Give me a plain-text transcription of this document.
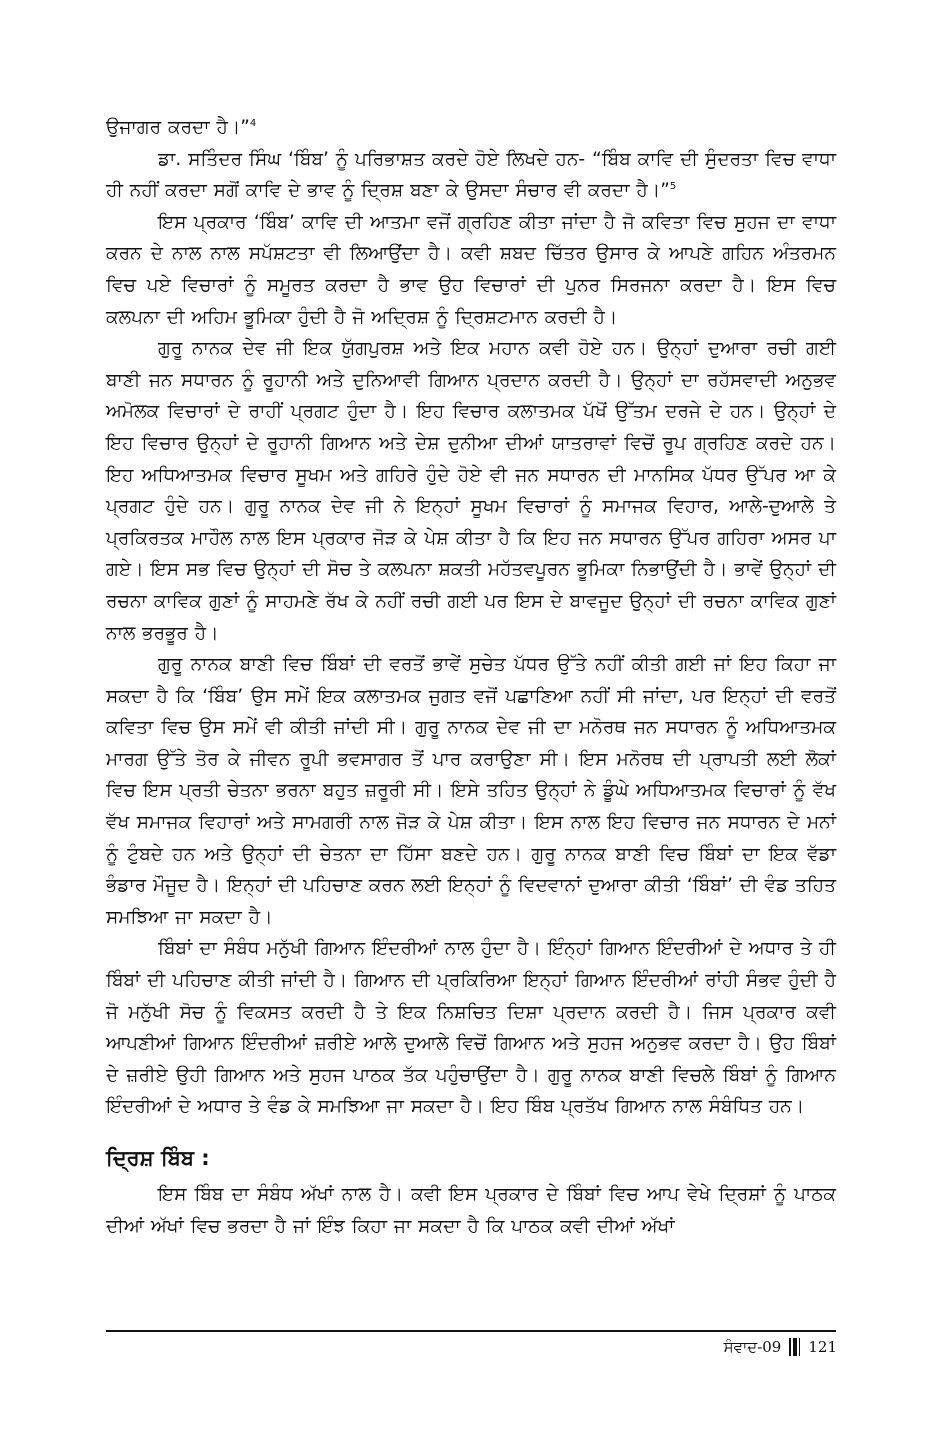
ਉਜਾਗਰ ਕਰਦਾ ਹੈ।”$^4$

ਡਾ. ਸਤਿੰਦਰ ਸਿੰਘ ‘ਬਿੰਬ’ ਨੂੰ ਪਰਿਭਾਸ਼ਤ ਕਰਦੇ ਹੋਏ ਲਿਖਦੇ ਹਨ- “ਬਿੰਬ ਕਾਵਿ ਦੀ ਸੁੰਦਰਤਾ ਵਿਚ ਵਾਧਾ ਹੀ ਨਹੀਂ ਕਰਦਾ ਸਗੋਂ ਕਾਵਿ ਦੇ ਭਾਵ ਨੂੰ ਦ੍ਰਿਸ਼ ਬਣਾ ਕੇ ਉਸਦਾ ਸੰਚਾਰ ਵੀ ਕਰਦਾ ਹੈ।”$^5$

ਇਸ ਪ੍ਰਕਾਰ ‘ਬਿੰਬ’ ਕਾਵਿ ਦੀ ਆਤਮਾ ਵਜੋਂ ਗ੍ਰਹਿਣ ਕੀਤਾ ਜਾਂਦਾ ਹੈ ਜੋ ਕਵਿਤਾ ਵਿਚ ਸੁਹਜ ਦਾ ਵਾਧਾ ਕਰਨ ਦੇ ਨਾਲ ਨਾਲ ਸਪੱਸ਼ਟਤਾ ਵੀ ਲਿਆਉਂਦਾ ਹੈ। ਕਵੀ ਸ਼ਬਦ ਚਿੱਤਰ ਉਸਾਰ ਕੇ ਆਪਣੇ ਗਹਿਨ ਅੰਤਰਮਨ ਵਿਚ ਪਏ ਵਿਚਾਰਾਂ ਨੂੰ ਸਮੂਰਤ ਕਰਦਾ ਹੈ ਭਾਵ ਉਹ ਵਿਚਾਰਾਂ ਦੀ ਪੁਨਰ ਸਿਰਜਨਾ ਕਰਦਾ ਹੈ। ਇਸ ਵਿਚ ਕਲਪਨਾ ਦੀ ਅਹਿਮ ਭੂਮਿਕਾ ਹੁੰਦੀ ਹੈ ਜੋ ਅਦ੍ਰਿਸ਼ ਨੂੰ ਦ੍ਰਿਸ਼ਟਮਾਨ ਕਰਦੀ ਹੈ।

ਗੁਰੂ ਨਾਨਕ ਦੇਵ ਜੀ ਇਕ ਯੁੱਗਪੁਰਸ਼ ਅਤੇ ਇਕ ਮਹਾਨ ਕਵੀ ਹੋਏ ਹਨ। ਉਨ੍ਹਾਂ ਦੁਆਰਾ ਰਚੀ ਗਈ ਬਾਣੀ ਜਨ ਸਧਾਰਨ ਨੂੰ ਰੂਹਾਨੀ ਅਤੇ ਦੁਨਿਆਵੀ ਗਿਆਨ ਪ੍ਰਦਾਨ ਕਰਦੀ ਹੈ। ਉਨ੍ਹਾਂ ਦਾ ਰਹੱਸਵਾਦੀ ਅਨੁਭਵ ਅਮੋਲਕ ਵਿਚਾਰਾਂ ਦੇ ਰਾਹੀਂ ਪ੍ਰਗਟ ਹੁੰਦਾ ਹੈ। ਇਹ ਵਿਚਾਰ ਕਲਾਤਮਕ ਪੱਖੋਂ ਉੱਤਮ ਦਰਜੇ ਦੇ ਹਨ। ਉਨ੍ਹਾਂ ਦੇ ਇਹ ਵਿਚਾਰ ਉਨ੍ਹਾਂ ਦੇ ਰੂਹਾਨੀ ਗਿਆਨ ਅਤੇ ਦੇਸ਼ ਦੁਨੀਆ ਦੀਆਂ ਯਾਤਰਾਵਾਂ ਵਿਚੋਂ ਰੂਪ ਗ੍ਰਹਿਣ ਕਰਦੇ ਹਨ। ਇਹ ਅਧਿਆਤਮਕ ਵਿਚਾਰ ਸੂਖਮ ਅਤੇ ਗਹਿਰੇ ਹੁੰਦੇ ਹੋਏ ਵੀ ਜਨ ਸਧਾਰਨ ਦੀ ਮਾਨਸਿਕ ਪੱਧਰ ਉੱਪਰ ਆ ਕੇ ਪ੍ਰਗਟ ਹੁੰਦੇ ਹਨ। ਗੁਰੂ ਨਾਨਕ ਦੇਵ ਜੀ ਨੇ ਇਨ੍ਹਾਂ ਸੂਖਮ ਵਿਚਾਰਾਂ ਨੂੰ ਸਮਾਜਕ ਵਿਹਾਰ, ਆਲੇ-ਦੁਆਲੇ ਤੇ ਪ੍ਰਕਿਰਤਕ ਮਾਹੌਲ ਨਾਲ ਇਸ ਪ੍ਰਕਾਰ ਜੋੜ ਕੇ ਪੇਸ਼ ਕੀਤਾ ਹੈ ਕਿ ਇਹ ਜਨ ਸਧਾਰਨ ਉੱਪਰ ਗਹਿਰਾ ਅਸਰ ਪਾ ਗਏ। ਇਸ ਸਭ ਵਿਚ ਉਨ੍ਹਾਂ ਦੀ ਸੋਚ ਤੇ ਕਲਪਨਾ ਸ਼ਕਤੀ ਮਹੱਤਵਪੂਰਨ ਭੂਮਿਕਾ ਨਿਭਾਉਂਦੀ ਹੈ। ਭਾਵੇਂ ਉਨ੍ਹਾਂ ਦੀ ਰਚਨਾ ਕਾਵਿਕ ਗੁਣਾਂ ਨੂੰ ਸਾਹਮਣੇ ਰੱਖ ਕੇ ਨਹੀਂ ਰਚੀ ਗਈ ਪਰ ਇਸ ਦੇ ਬਾਵਜੂਦ ਉਨ੍ਹਾਂ ਦੀ ਰਚਨਾ ਕਾਵਿਕ ਗੁਣਾਂ ਨਾਲ ਭਰਭੂਰ ਹੈ।

ਗੁਰੂ ਨਾਨਕ ਬਾਣੀ ਵਿਚ ਬਿੰਬਾਂ ਦੀ ਵਰਤੋਂ ਭਾਵੇਂ ਸੁਚੇਤ ਪੱਧਰ ਉੱਤੇ ਨਹੀਂ ਕੀਤੀ ਗਈ ਜਾਂ ਇਹ ਕਿਹਾ ਜਾ ਸਕਦਾ ਹੈ ਕਿ ‘ਬਿੰਬ’ ਉਸ ਸਮੇਂ ਇਕ ਕਲਾਤਮਕ ਜੁਗਤ ਵਜੋਂ ਪਛਾਣਿਆ ਨਹੀਂ ਸੀ ਜਾਂਦਾ, ਪਰ ਇਨ੍ਹਾਂ ਦੀ ਵਰਤੋਂ ਕਵਿਤਾ ਵਿਚ ਉਸ ਸਮੇਂ ਵੀ ਕੀਤੀ ਜਾਂਦੀ ਸੀ। ਗੁਰੂ ਨਾਨਕ ਦੇਵ ਜੀ ਦਾ ਮਨੋਰਥ ਜਨ ਸਧਾਰਨ ਨੂੰ ਅਧਿਆਤਮਕ ਮਾਰਗ ਉੱਤੇ ਤੋਰ ਕੇ ਜੀਵਨ ਰੂਪੀ ਭਵਸਾਗਰ ਤੋਂ ਪਾਰ ਕਰਾਉਣਾ ਸੀ। ਇਸ ਮਨੋਰਥ ਦੀ ਪ੍ਰਾਪਤੀ ਲਈ ਲੋਕਾਂ ਵਿਚ ਇਸ ਪ੍ਰਤੀ ਚੇਤਨਾ ਭਰਨਾ ਬਹੁਤ ਜ਼ਰੂਰੀ ਸੀ। ਇਸੇ ਤਹਿਤ ਉਨ੍ਹਾਂ ਨੇ ਡੂੰਘੇ ਅਧਿਆਤਮਕ ਵਿਚਾਰਾਂ ਨੂੰ ਵੱਖ ਵੱਖ ਸਮਾਜਕ ਵਿਹਾਰਾਂ ਅਤੇ ਸਾਮਗਰੀ ਨਾਲ ਜੋੜ ਕੇ ਪੇਸ਼ ਕੀਤਾ। ਇਸ ਨਾਲ ਇਹ ਵਿਚਾਰ ਜਨ ਸਧਾਰਨ ਦੇ ਮਨਾਂ ਨੂੰ ਟੁੰਬਦੇ ਹਨ ਅਤੇ ਉਨ੍ਹਾਂ ਦੀ ਚੇਤਨਾ ਦਾ ਹਿੱਸਾ ਬਣਦੇ ਹਨ। ਗੁਰੂ ਨਾਨਕ ਬਾਣੀ ਵਿਚ ਬਿੰਬਾਂ ਦਾ ਇਕ ਵੱਡਾ ਭੰਡਾਰ ਮੌਜੂਦ ਹੈ। ਇਨ੍ਹਾਂ ਦੀ ਪਹਿਚਾਣ ਕਰਨ ਲਈ ਇਨ੍ਹਾਂ ਨੂੰ ਵਿਦਵਾਨਾਂ ਦੁਆਰਾ ਕੀਤੀ ‘ਬਿੰਬਾਂ’ ਦੀ ਵੰਡ ਤਹਿਤ ਸਮਝਿਆ ਜਾ ਸਕਦਾ ਹੈ।

ਬਿੰਬਾਂ ਦਾ ਸੰਬੰਧ ਮਨੁੱਖੀ ਗਿਆਨ ਇੰਦਰੀਆਂ ਨਾਲ ਹੁੰਦਾ ਹੈ। ਇੰਨ੍ਹਾਂ ਗਿਆਨ ਇੰਦਰੀਆਂ ਦੇ ਅਧਾਰ ਤੇ ਹੀ ਬਿੰਬਾਂ ਦੀ ਪਹਿਚਾਣ ਕੀਤੀ ਜਾਂਦੀ ਹੈ। ਗਿਆਨ ਦੀ ਪ੍ਰਕਿਰਿਆ ਇਨ੍ਹਾਂ ਗਿਆਨ ਇੰਦਰੀਆਂ ਰਾਂਹੀ ਸੰਭਵ ਹੁੰਦੀ ਹੈ ਜੋ ਮਨੁੱਖੀ ਸੋਚ ਨੂੰ ਵਿਕਸਤ ਕਰਦੀ ਹੈ ਤੇ ਇਕ ਨਿਸ਼ਚਿਤ ਦਿਸ਼ਾ ਪ੍ਰਦਾਨ ਕਰਦੀ ਹੈ। ਜਿਸ ਪ੍ਰਕਾਰ ਕਵੀ ਆਪਣੀਆਂ ਗਿਆਨ ਇੰਦਰੀਆਂ ਜ਼ਰੀਏ ਆਲੇ ਦੁਆਲੇ ਵਿਚੋਂ ਗਿਆਨ ਅਤੇ ਸੁਹਜ ਅਨੁਭਵ ਕਰਦਾ ਹੈ। ਉਹ ਬਿੰਬਾਂ ਦੇ ਜ਼ਰੀਏ ਉਹੀ ਗਿਆਨ ਅਤੇ ਸੁਹਜ ਪਾਠਕ ਤੱਕ ਪਹੁੰਚਾਉਂਦਾ ਹੈ। ਗੁਰੂ ਨਾਨਕ ਬਾਣੀ ਵਿਚਲੇ ਬਿੰਬਾਂ ਨੂੰ ਗਿਆਨ ਇੰਦਰੀਆਂ ਦੇ ਅਧਾਰ ਤੇ ਵੰਡ ਕੇ ਸਮਝਿਆ ਜਾ ਸਕਦਾ ਹੈ। ਇਹ ਬਿੰਬ ਪ੍ਰਤੱਖ ਗਿਆਨ ਨਾਲ ਸੰਬੰਧਿਤ ਹਨ।

ਦ੍ਰਿਸ਼ ਬਿੰਬ :

ਇਸ ਬਿੰਬ ਦਾ ਸੰਬੰਧ ਅੱਖਾਂ ਨਾਲ ਹੈ। ਕਵੀ ਇਸ ਪ੍ਰਕਾਰ ਦੇ ਬਿੰਬਾਂ ਵਿਚ ਆਪ ਵੇਖੇ ਦ੍ਰਿਸ਼ਾਂ ਨੂੰ ਪਾਠਕ ਦੀਆਂ ਅੱਖਾਂ ਵਿਚ ਭਰਦਾ ਹੈ ਜਾਂ ਇੰਝ ਕਿਹਾ ਜਾ ਸਕਦਾ ਹੈ ਕਿ ਪਾਠਕ ਕਵੀ ਦੀਆਂ ਅੱਖਾਂ

ਸੰਵਾਦ-09 121
